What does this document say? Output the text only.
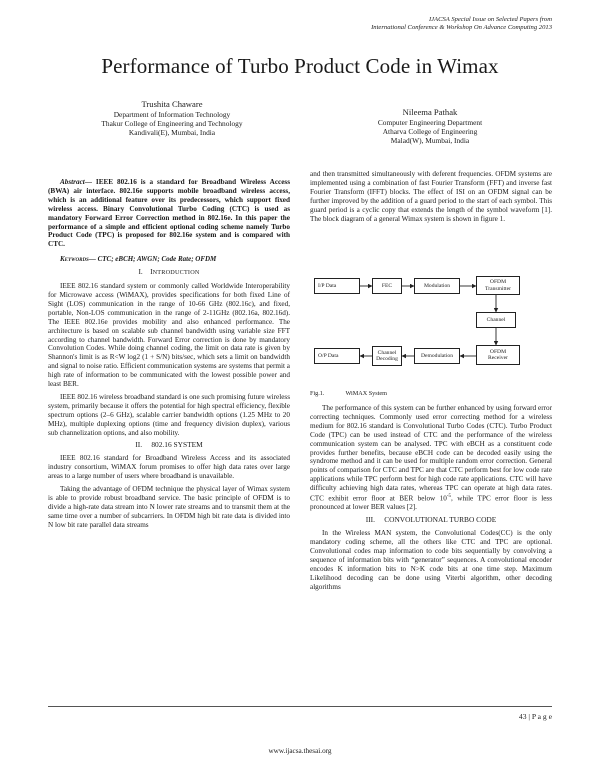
IJACSA Special Issue on Selected Papers from
International Conference & Workshop On Advance Computing 2013
Performance of Turbo Product Code in Wimax
Trushita Chaware
Department of Information Technology
Thakur College of Engineering and Technology
Kandivali(E), Mumbai, India
Nileema Pathak
Computer Engineering Department
Atharva College of Engineering
Malad(W), Mumbai, India

Abstract— IEEE 802.16 is a standard for Broadband Wireless Access (BWA) air interface. 802.16e supports mobile broadband wireless access, which is an additional feature over its predecessors, which support fixed wireless access. Binary Convolutional Turbo Coding (CTC) is used as mandatory Forward Error Correction method in 802.16e. In this paper the performance of a simple and efficient optional coding scheme namely Turbo Product Code (TPC) is proposed for 802.16e system and is compared with CTC.

Keywords— CTC; eBCH; AWGN; Code Rate; OFDM
I. INTRODUCTION

IEEE 802.16 standard system or commonly called Worldwide Interoperability for Microwave access (WiMAX), provides specifications for both fixed Line of Sight (LOS) communication in the range of 10-66 GHz (802.16c), and fixed, portable, Non-LOS communication in the range of 2-11GHz (802.16a, 802.16d). The IEEE 802.16e provides mobility and also enhanced performance. The architecture is based on scalable sub channel bandwidth using variable size FFT according to channel bandwidth. Forward Error correction is done by mandatory Convolution Codes. While doing channel coding, the limit on data rate is given by Shannon's limit is as R<W log2 (1 + S/N) bits/sec, which sets a limit on bandwidth and signal to noise ratio. Efficient communication systems are systems that permit a high rate of information to be communicated with the lowest possible power and least BER.

IEEE 802.16 wireless broadband standard is one such promising future wireless system, primarily because it offers the potential for high spectral efficiency, flexible spectrum options (2–6 GHz), scalable carrier bandwidth options (1.25 MHz to 20 MHz), multiple duplexing options (time and frequency division duplex), various sub channelization options, and also mobility.

II. 802.16 SYSTEM

IEEE 802.16 standard for Broadband Wireless Access and its associated industry consortium, WiMAX forum promises to offer high data rates over large areas to a large number of users where broadband is unavailable.

Taking the advantage of OFDM technique the physical layer of Wimax system is able to provide robust broadband service. The basic principle of OFDM is to divide a high-rate data stream into N lower rate streams and to transmit them at the same time over a number of subcarriers. In OFDM high bit rate data is divided into N low bit rate parallel data streams

and then transmitted simultaneously with deferent frequencies. OFDM systems are implemented using a combination of fast Fourier Transform (FFT) and inverse fast Fourier Transform (IFFT) blocks. The effect of ISI on an OFDM signal can be further improved by the addition of a guard period to the start of each symbol. This guard period is a cyclic copy that extends the length of the symbol waveform [1]. The block diagram of a general Wimax system is shown in figure 1.

I/P Data	FEC	Modulation
OFDM
Transmitter
Channel
O/P Data
Channel
Decoding
Demodulation
OFDM
Receiver
Fig.1.	WiMAX System

The performance of this system can be further enhanced by using forward error correcting techniques. Commonly used error correcting method for a wireless medium for 802.16 standard is Convolutional Turbo Codes (CTC). Turbo Product Code (TPC) can be used instead of CTC and the performance of the wireless communication system can be analysed. TPC with eBCH as a constituent code provides further benefits, because eBCH code can be decoded easily using the syndrome method and it can be used for multiple random error correction. General points of comparison for CTC and TPC are that CTC perform best for low code rate applications while TPC perform best for high code rate applications. CTC will have difficulty achieving high data rates, whereas TPC can operate at high data rates. CTC exhibit error floor at BER below $10^{-5}$, while TPC error floor is less pronounced at lower BER values [2].

III. CONVOLUTIONAL TURBO CODE

In the Wireless MAN system, the Convolutional Codes(CC) is the only mandatory coding scheme, all the others like CTC and TPC are optional. Convolutional codes map information to code bits sequentially by convolving a sequence of information bits with “generator” sequences. A convolutional encoder encodes K information bits to N>K code bits at one time step. Maximum Likelihood decoding can be done using Viterbi algorithm, other decoding algorithms

43 | P a g e
www.ijacsa.thesai.org
